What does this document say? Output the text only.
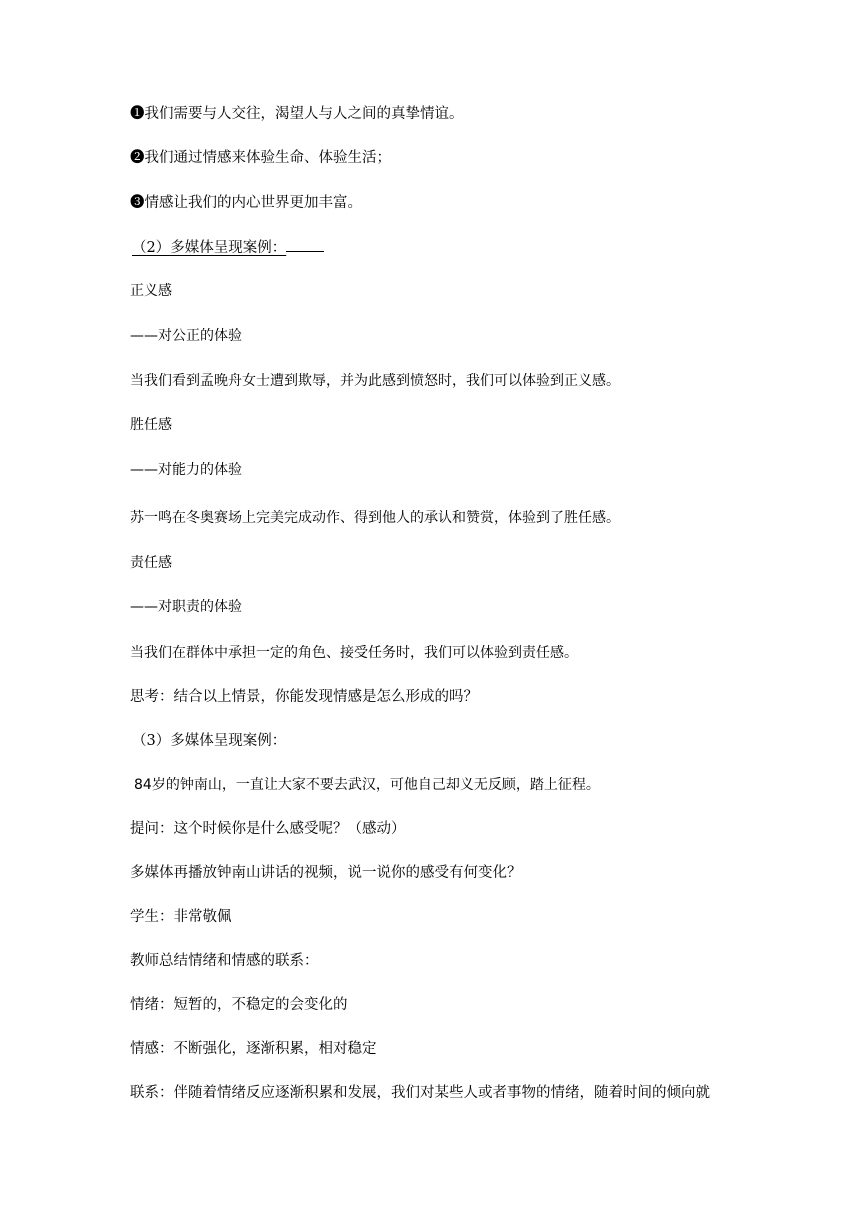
❶我们需要与人交往，渴望人与人之间的真挚情谊。
❷我们通过情感来体验生命、体验生活；
❸情感让我们的内心世界更加丰富。
（2）多媒体呈现案例：
正义感
——对公正的体验
当我们看到孟晚舟女士遭到欺辱，并为此感到愤怒时，我们可以体验到正义感。
胜任感
——对能力的体验
苏一鸣在冬奥赛场上完美完成动作、得到他人的承认和赞赏，体验到了胜任感。
责任感
——对职责的体验
当我们在群体中承担一定的角色、接受任务时，我们可以体验到责任感。
思考：结合以上情景，你能发现情感是怎么形成的吗？
（3）多媒体呈现案例：
84岁的钟南山，一直让大家不要去武汉，可他自己却义无反顾，踏上征程。
提问：这个时候你是什么感受呢？（感动）
多媒体再播放钟南山讲话的视频，说一说你的感受有何变化？
学生：非常敬佩
教师总结情绪和情感的联系：
情绪：短暂的，不稳定的会变化的
情感：不断强化，逐渐积累，相对稳定
联系：伴随着情绪反应逐渐积累和发展，我们对某些人或者事物的情绪，随着时间的倾向就
